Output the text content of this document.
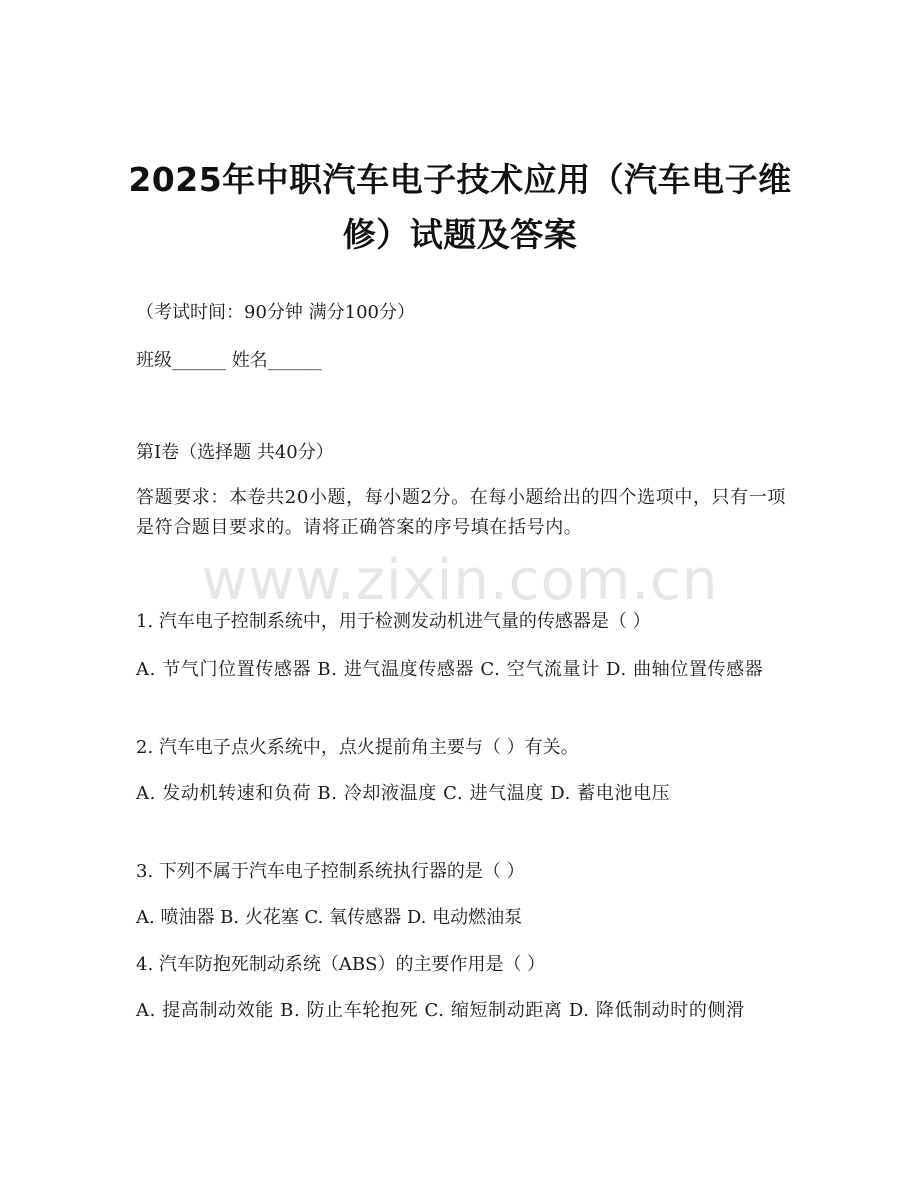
2025年中职汽车电子技术应用（汽车电子维修）试题及答案
（考试时间：90分钟 满分100分）
班级______ 姓名______
第Ⅰ卷（选择题 共40分）
答题要求：本卷共20小题，每小题2分。在每小题给出的四个选项中，只有一项是符合题目要求的。请将正确答案的序号填在括号内。
www.zixin.com.cn
1. 汽车电子控制系统中，用于检测发动机进气量的传感器是（ ）
A. 节气门位置传感器 B. 进气温度传感器 C. 空气流量计 D. 曲轴位置传感器
2. 汽车电子点火系统中，点火提前角主要与（ ）有关。
A. 发动机转速和负荷 B. 冷却液温度 C. 进气温度 D. 蓄电池电压
3. 下列不属于汽车电子控制系统执行器的是（ ）
A. 喷油器 B. 火花塞 C. 氧传感器 D. 电动燃油泵
4. 汽车防抱死制动系统（ABS）的主要作用是（ ）
A. 提高制动效能 B. 防止车轮抱死 C. 缩短制动距离 D. 降低制动时的侧滑
